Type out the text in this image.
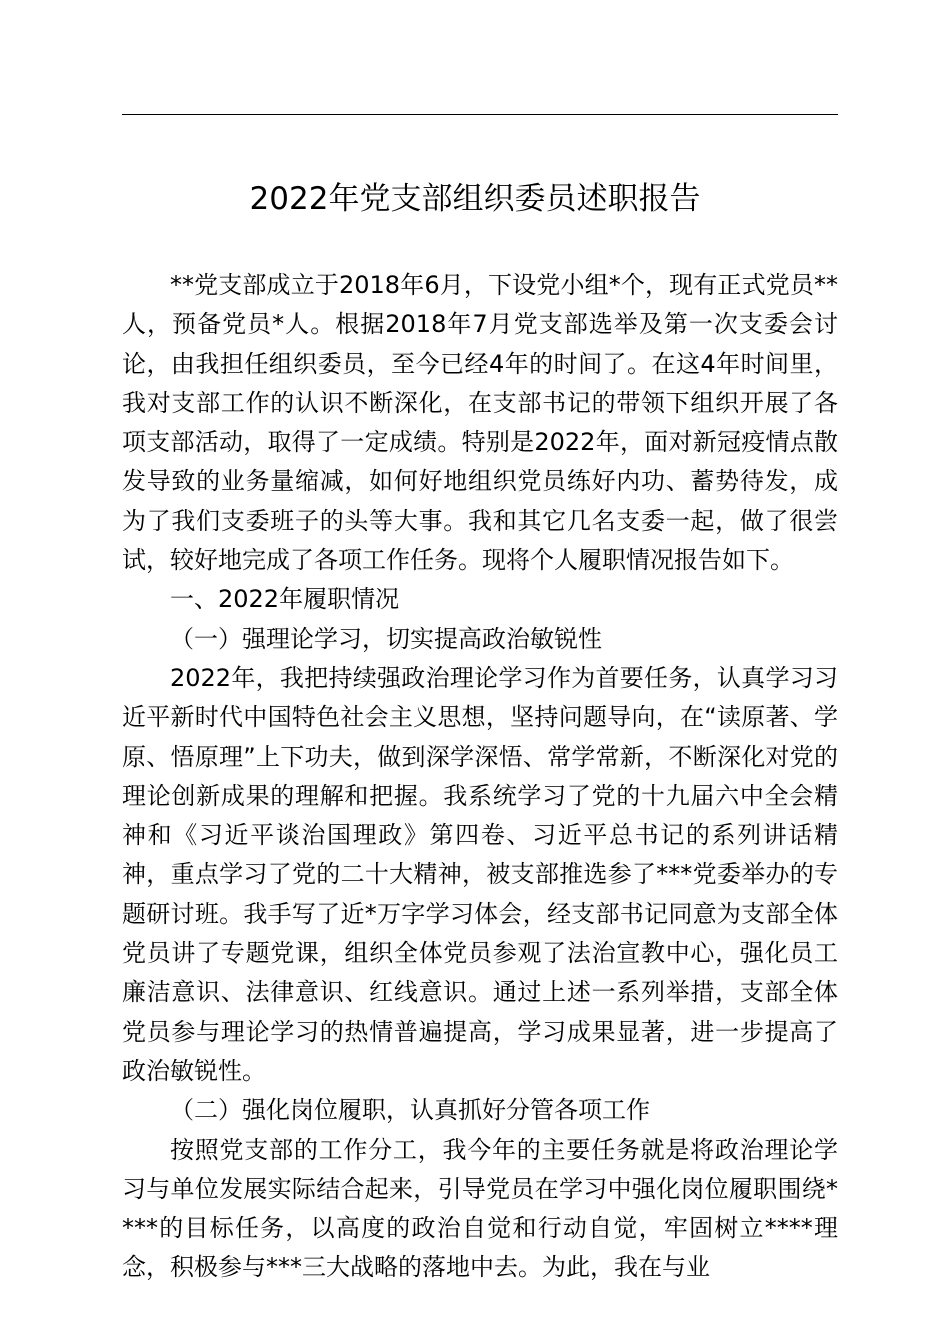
2022年党支部组织委员述职报告

**党支部成立于2018年6月，下设党小组*个，现有正式党员**人，预备党员*人。根据2018年7月党支部选举及第一次支委会讨论，由我担任组织委员，至今已经4年的时间了。在这4年时间里，我对支部工作的认识不断深化，在支部书记的带领下组织开展了各项支部活动，取得了一定成绩。特别是2022年，面对新冠疫情点散发导致的业务量缩减，如何好地组织党员练好内功、蓄势待发，成为了我们支委班子的头等大事。我和其它几名支委一起，做了很尝试，较好地完成了各项工作任务。现将个人履职情况报告如下。

一、2022年履职情况

（一）强理论学习，切实提高政治敏锐性

2022年，我把持续强政治理论学习作为首要任务，认真学习习近平新时代中国特色社会主义思想，坚持问题导向，在“读原著、学原、悟原理”上下功夫，做到深学深悟、常学常新，不断深化对党的理论创新成果的理解和把握。我系统学习了党的十九届六中全会精神和《习近平谈治国理政》第四卷、习近平总书记的系列讲话精神，重点学习了党的二十大精神，被支部推选参了***党委举办的专题研讨班。我手写了近*万字学习体会，经支部书记同意为支部全体党员讲了专题党课，组织全体党员参观了法治宣教中心，强化员工廉洁意识、法律意识、红线意识。通过上述一系列举措，支部全体党员参与理论学习的热情普遍提高，学习成果显著，进一步提高了政治敏锐性。

（二）强化岗位履职，认真抓好分管各项工作

按照党支部的工作分工，我今年的主要任务就是将政治理论学习与单位发展实际结合起来，引导党员在学习中强化岗位履职围绕****的目标任务，以高度的政治自觉和行动自觉，牢固树立****理念，积极参与***三大战略的落地中去。为此，我在与业
